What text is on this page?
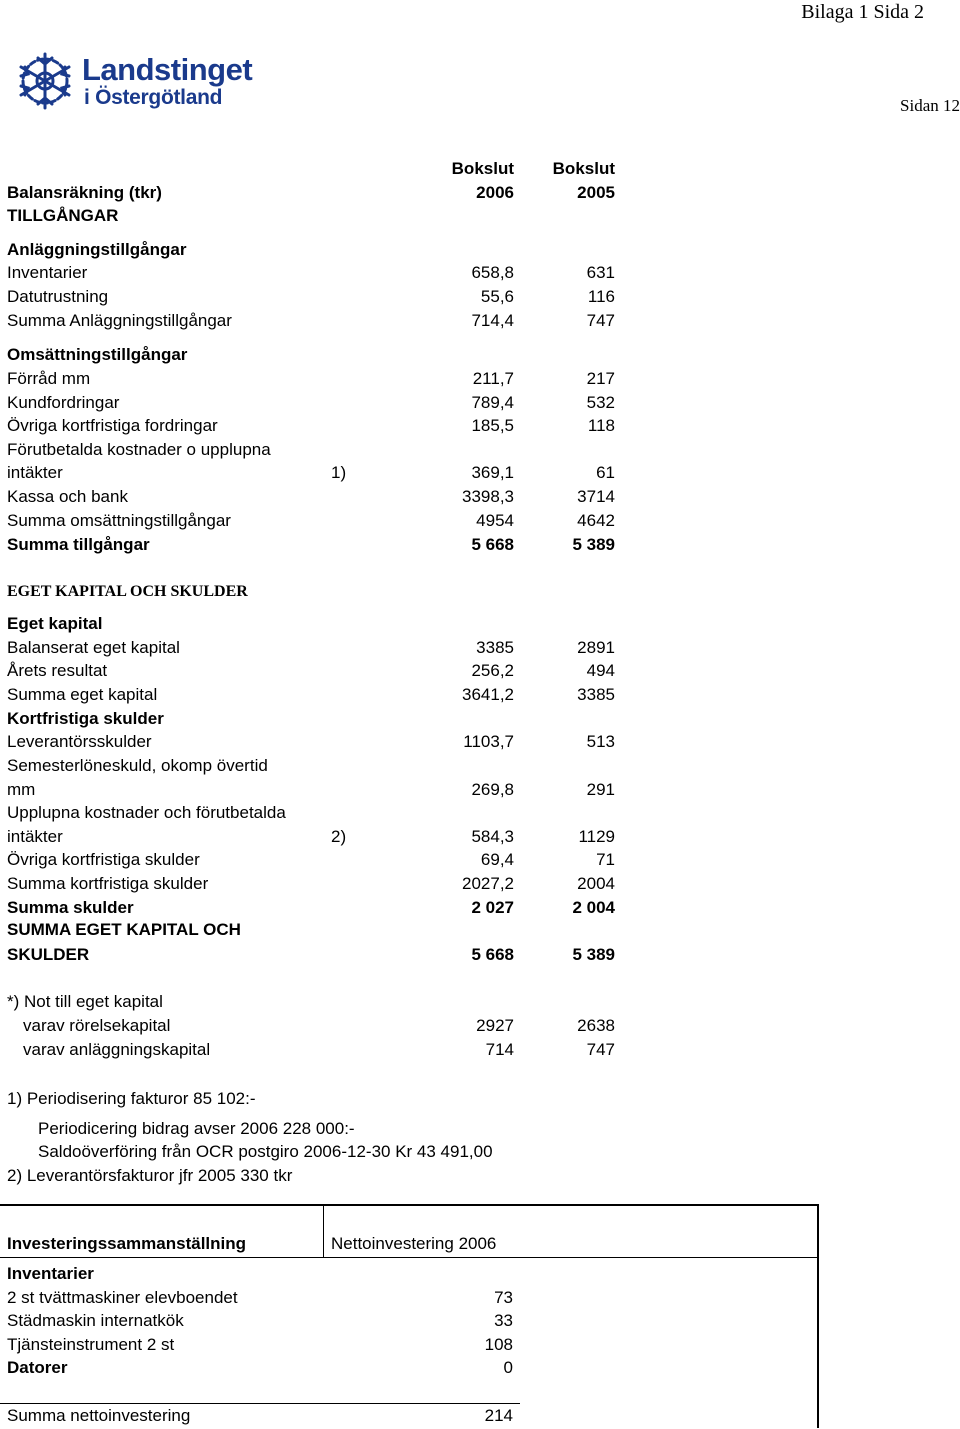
Bilaga 1 Sida 2
Sidan 12
Landstinget
i Östergötland
Bokslut Bokslut
Balansräkning (tkr)	2006	2005
TILLGÅNGAR
Anläggningstillgångar
Inventarier	658,8	631
Datutrustning	55,6	116
Summa Anläggningstillgångar	714,4	747
Omsättningstillgångar
Förråd mm	211,7	217
Kundfordringar	789,4	532
Övriga kortfristiga fordringar	185,5	118
Förutbetalda kostnader o upplupna
intäkter	1)	369,1	61
Kassa och bank	3398,3	3714
Summa omsättningstillgångar	4954	4642
Summa tillgångar	5 668	5 389
EGET KAPITAL OCH SKULDER
Eget kapital
Balanserat eget kapital	3385	2891
Årets resultat	256,2	494
Summa eget kapital	3641,2	3385
Kortfristiga skulder
Leverantörsskulder	1103,7	513
Semesterlöneskuld, okomp övertid
mm	269,8	291
Upplupna kostnader och förutbetalda
intäkter	2)	584,3	1129
Övriga kortfristiga skulder	69,4	71
Summa kortfristiga skulder	2027,2	2004
Summa skulder	2 027	2 004
SUMMA EGET KAPITAL OCH
SKULDER	5 668	5 389
*) Not till eget kapital
varav rörelsekapital	2927	2638
varav anläggningskapital	714	747
1) Periodisering fakturor 85 102:-
Periodicering bidrag avser 2006 228 000:-
Saldoöverföring från OCR postgiro 2006-12-30 Kr 43 491,00
2) Leverantörsfakturor jfr 2005 330 tkr
Investeringssammanställning	Nettoinvestering 2006
Inventarier
2 st tvättmaskiner elevboendet	73
Städmaskin internatkök	33
Tjänsteinstrument 2 st	108
Datorer	0
Summa nettoinvestering	214
